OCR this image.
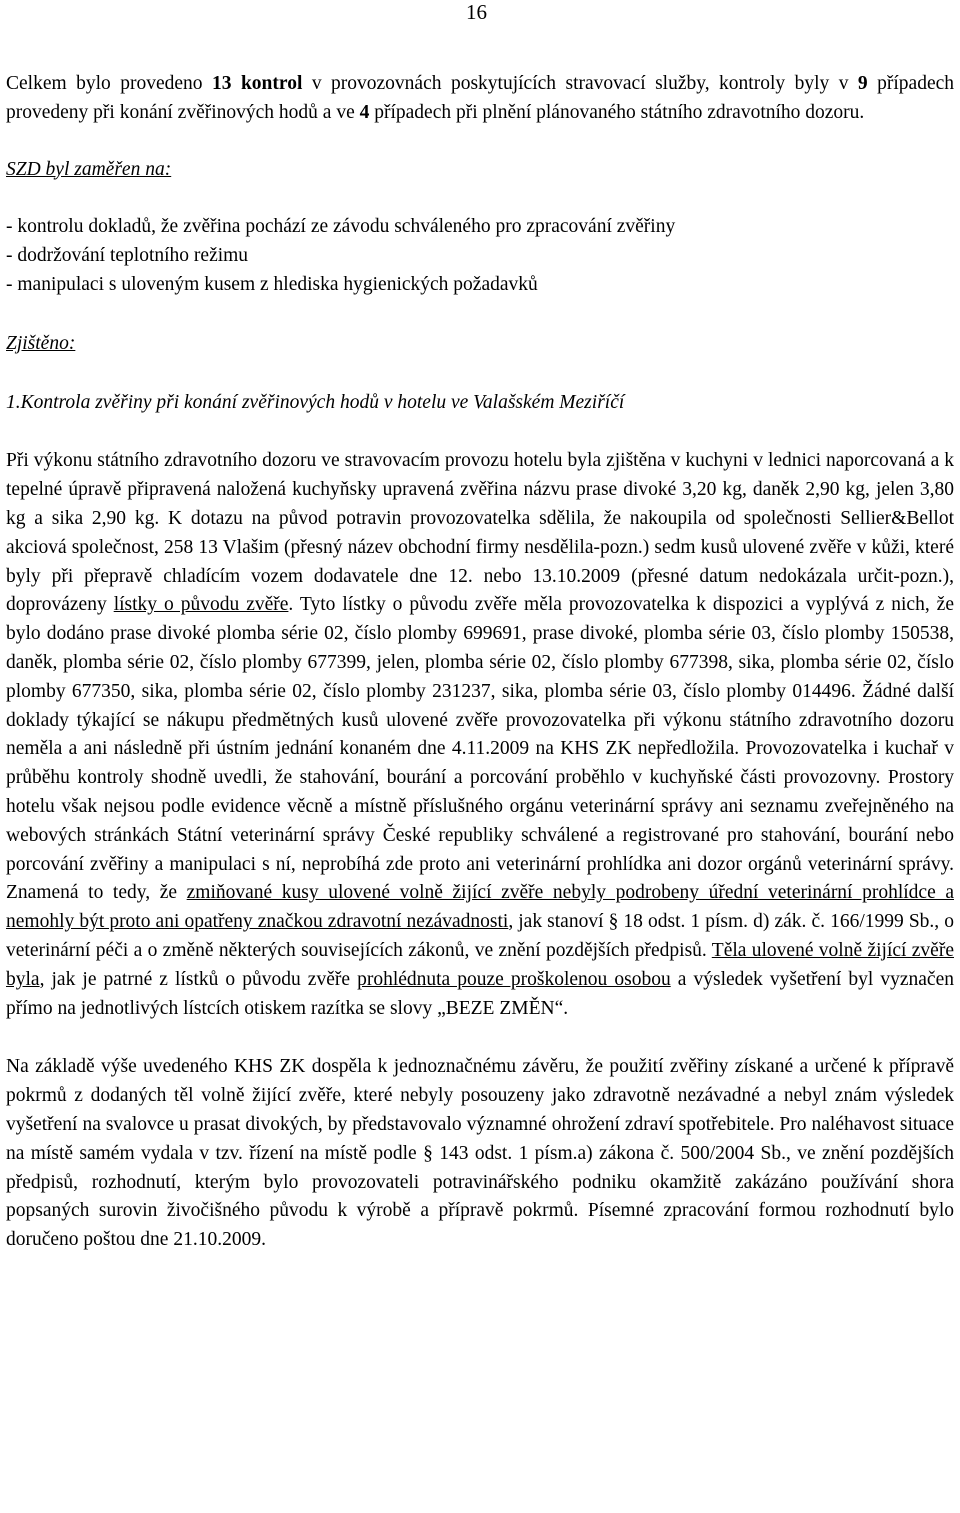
16

Celkem bylo provedeno 13 kontrol v provozovnách poskytujících stravovací služby, kontroly byly v 9 případech provedeny při konání zvěřinových hodů a ve 4 případech při plnění plánovaného státního zdravotního dozoru.

SZD byl zaměřen na:

- kontrolu dokladů, že zvěřina pochází ze závodu schváleného pro zpracování zvěřiny

- dodržování teplotního režimu

- manipulaci s uloveným kusem z hlediska hygienických požadavků

Zjištěno:

1.Kontrola zvěřiny při konání zvěřinových hodů v hotelu ve Valašském Meziříčí

Při výkonu státního zdravotního dozoru ve stravovacím provozu hotelu byla zjištěna v kuchyni v lednici naporcovaná a k tepelné úpravě připravená naložená kuchyňsky upravená zvěřina názvu prase divoké 3,20 kg, daněk 2,90 kg, jelen 3,80 kg a sika 2,90 kg. K dotazu na původ potravin provozovatelka sdělila, že nakoupila od společnosti Sellier&Bellot akciová společnost, 258 13 Vlašim (přesný název obchodní firmy nesdělila-pozn.) sedm kusů ulovené zvěře v kůži, které byly při přepravě chladícím vozem dodavatele dne 12. nebo 13.10.2009 (přesné datum nedokázala určit-pozn.), doprovázeny lístky o původu zvěře. Tyto lístky o původu zvěře měla provozovatelka k dispozici a vyplývá z nich, že bylo dodáno prase divoké plomba série 02, číslo plomby 699691, prase divoké, plomba série 03, číslo plomby 150538, daněk, plomba série 02, číslo plomby 677399, jelen, plomba série 02, číslo plomby 677398, sika, plomba série 02, číslo plomby 677350, sika, plomba série 02, číslo plomby 231237, sika, plomba série 03, číslo plomby 014496. Žádné další doklady týkající se nákupu předmětných kusů ulovené zvěře provozovatelka při výkonu státního zdravotního dozoru neměla a ani následně při ústním jednání konaném dne 4.11.2009 na KHS ZK nepředložila. Provozovatelka i kuchař v průběhu kontroly shodně uvedli, že stahování, bourání a porcování proběhlo v kuchyňské části provozovny. Prostory hotelu však nejsou podle evidence věcně a místně příslušného orgánu veterinární správy ani seznamu zveřejněného na webových stránkách Státní veterinární správy České republiky schválené a registrované pro stahování, bourání nebo porcování zvěřiny a manipulaci s ní, neprobíhá zde proto ani veterinární prohlídka ani dozor orgánů veterinární správy. Znamená to tedy, že zmiňované kusy ulovené volně žijící zvěře nebyly podrobeny úřední veterinární prohlídce a nemohly být proto ani opatřeny značkou zdravotní nezávadnosti, jak stanoví § 18 odst. 1 písm. d) zák. č. 166/1999 Sb., o veterinární péči a o změně některých souvisejících zákonů, ve znění pozdějších předpisů. Těla ulovené volně žijící zvěře byla, jak je patrné z lístků o původu zvěře prohlédnuta pouze proškolenou osobou a výsledek vyšetření byl vyznačen přímo na jednotlivých lístcích otiskem razítka se slovy „BEZE ZMĚN“.

Na základě výše uvedeného KHS ZK dospěla k jednoznačnému závěru, že použití zvěřiny získané a určené k přípravě pokrmů z dodaných těl volně žijící zvěře, které nebyly posouzeny jako zdravotně nezávadné a nebyl znám výsledek vyšetření na svalovce u prasat divokých, by představovalo významné ohrožení zdraví spotřebitele. Pro naléhavost situace na místě samém vydala v tzv. řízení na místě podle § 143 odst. 1 písm.a) zákona č. 500/2004 Sb., ve znění pozdějších předpisů, rozhodnutí, kterým bylo provozovateli potravinářského podniku okamžitě zakázáno používání shora popsaných surovin živočišného původu k výrobě a přípravě pokrmů. Písemné zpracování formou rozhodnutí bylo doručeno poštou dne 21.10.2009.
